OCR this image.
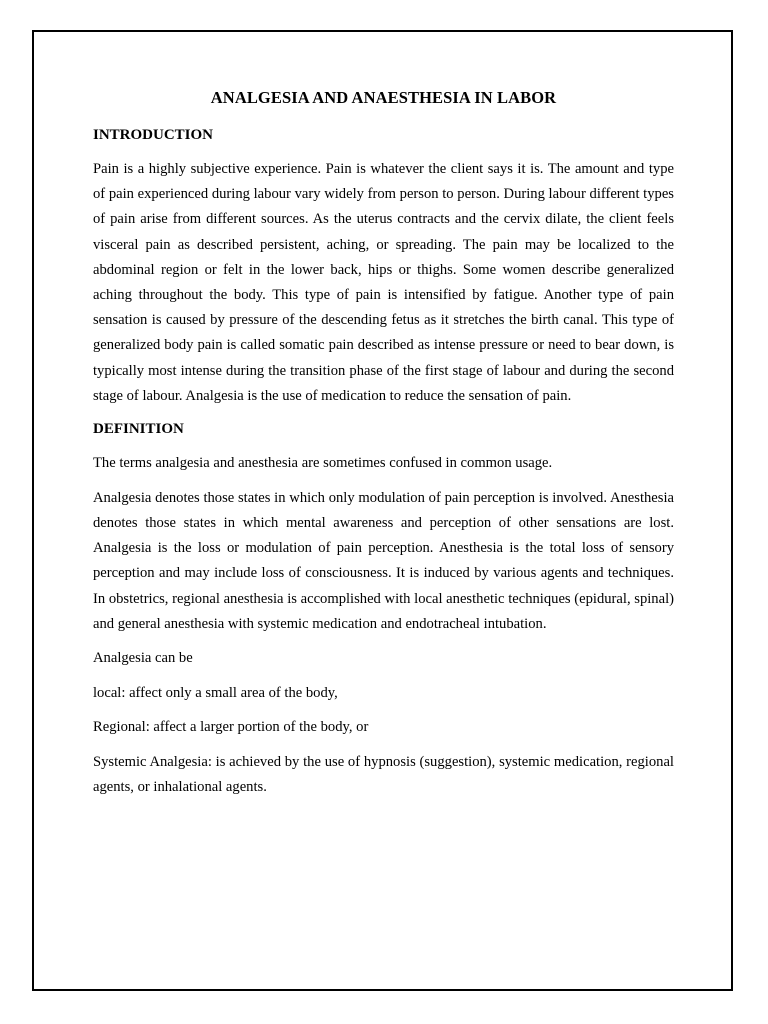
ANALGESIA AND ANAESTHESIA IN LABOR
INTRODUCTION

Pain is a highly subjective experience. Pain is whatever the client says it is. The amount and type of pain experienced during labour vary widely from person to person. During labour different types of pain arise from different sources. As the uterus contracts and the cervix dilate, the client feels visceral pain as described persistent, aching, or spreading. The pain may be localized to the abdominal region or felt in the lower back, hips or thighs. Some women describe generalized aching throughout the body. This type of pain is intensified by fatigue. Another type of pain sensation is caused by pressure of the descending fetus as it stretches the birth canal. This type of generalized body pain is called somatic pain described as intense pressure or need to bear down, is typically most intense during the transition phase of the first stage of labour and during the second stage of labour. Analgesia is the use of medication to reduce the sensation of pain.

DEFINITION

The terms analgesia and anesthesia are sometimes confused in common usage.

Analgesia denotes those states in which only modulation of pain perception is involved. Anesthesia denotes those states in which mental awareness and perception of other sensations are lost. Analgesia is the loss or modulation of pain perception. Anesthesia is the total loss of sensory perception and may include loss of consciousness. It is induced by various agents and techniques. In obstetrics, regional anesthesia is accomplished with local anesthetic techniques (epidural, spinal) and general anesthesia with systemic medication and endotracheal intubation.

Analgesia can be

local: affect only a small area of the body,

Regional: affect a larger portion of the body, or

Systemic Analgesia: is achieved by the use of hypnosis (suggestion), systemic medication, regional agents, or inhalational agents.
